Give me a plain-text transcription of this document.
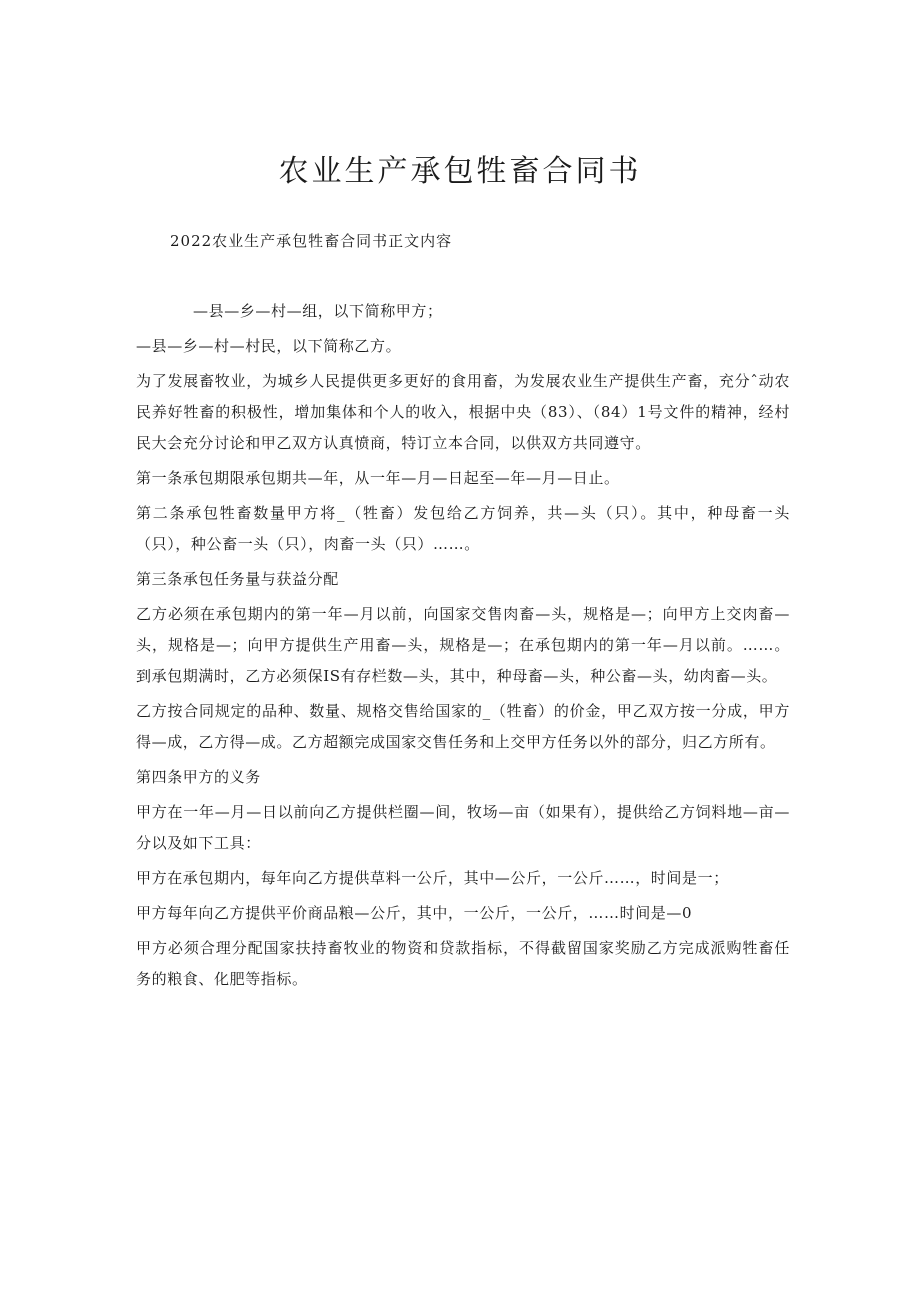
农业生产承包牲畜合同书

2022农业生产承包牲畜合同书正文内容

—县—乡—村—组，以下简称甲方；

—县—乡—村—村民，以下简称乙方。

为了发展畜牧业，为城乡人民提供更多更好的食用畜，为发展农业生产提供生产畜，充分ˆ动农民养好牲畜的积极性，增加集体和个人的收入，根据中央（83）、（84）1号文件的精神，经村民大会充分讨论和甲乙双方认真愤商，特订立本合同，以供双方共同遵守。

第一条承包期限承包期共—年，从一年—月—日起至—年—月—日止。

第二条承包牲畜数量甲方将_（牲畜）发包给乙方饲养，共—头（只）。其中，种母畜一头（只），种公畜一头（只），肉畜一头（只）……。

第三条承包任务量与获益分配

乙方必须在承包期内的第一年—月以前，向国家交售肉畜—头，规格是—；向甲方上交肉畜—头，规格是—；向甲方提供生产用畜—头，规格是—；在承包期内的第一年—月以前。……。到承包期满时，乙方必须保IS有存栏数—头，其中，种母畜—头，种公畜—头，幼肉畜—头。

乙方按合同规定的品种、数量、规格交售给国家的_（牲畜）的价金，甲乙双方按一分成，甲方得—成，乙方得—成。乙方超额完成国家交售任务和上交甲方任务以外的部分，归乙方所有。

第四条甲方的义务

甲方在一年—月—日以前向乙方提供栏圈—间，牧场—亩（如果有），提供给乙方饲料地—亩—分以及如下工具：

甲方在承包期内，每年向乙方提供草料一公斤，其中—公斤，一公斤……，时间是一；

甲方每年向乙方提供平价商品粮—公斤，其中，一公斤，一公斤，……时间是—0

甲方必须合理分配国家扶持畜牧业的物资和贷款指标，不得截留国家奖励乙方完成派购牲畜任务的粮食、化肥等指标。
